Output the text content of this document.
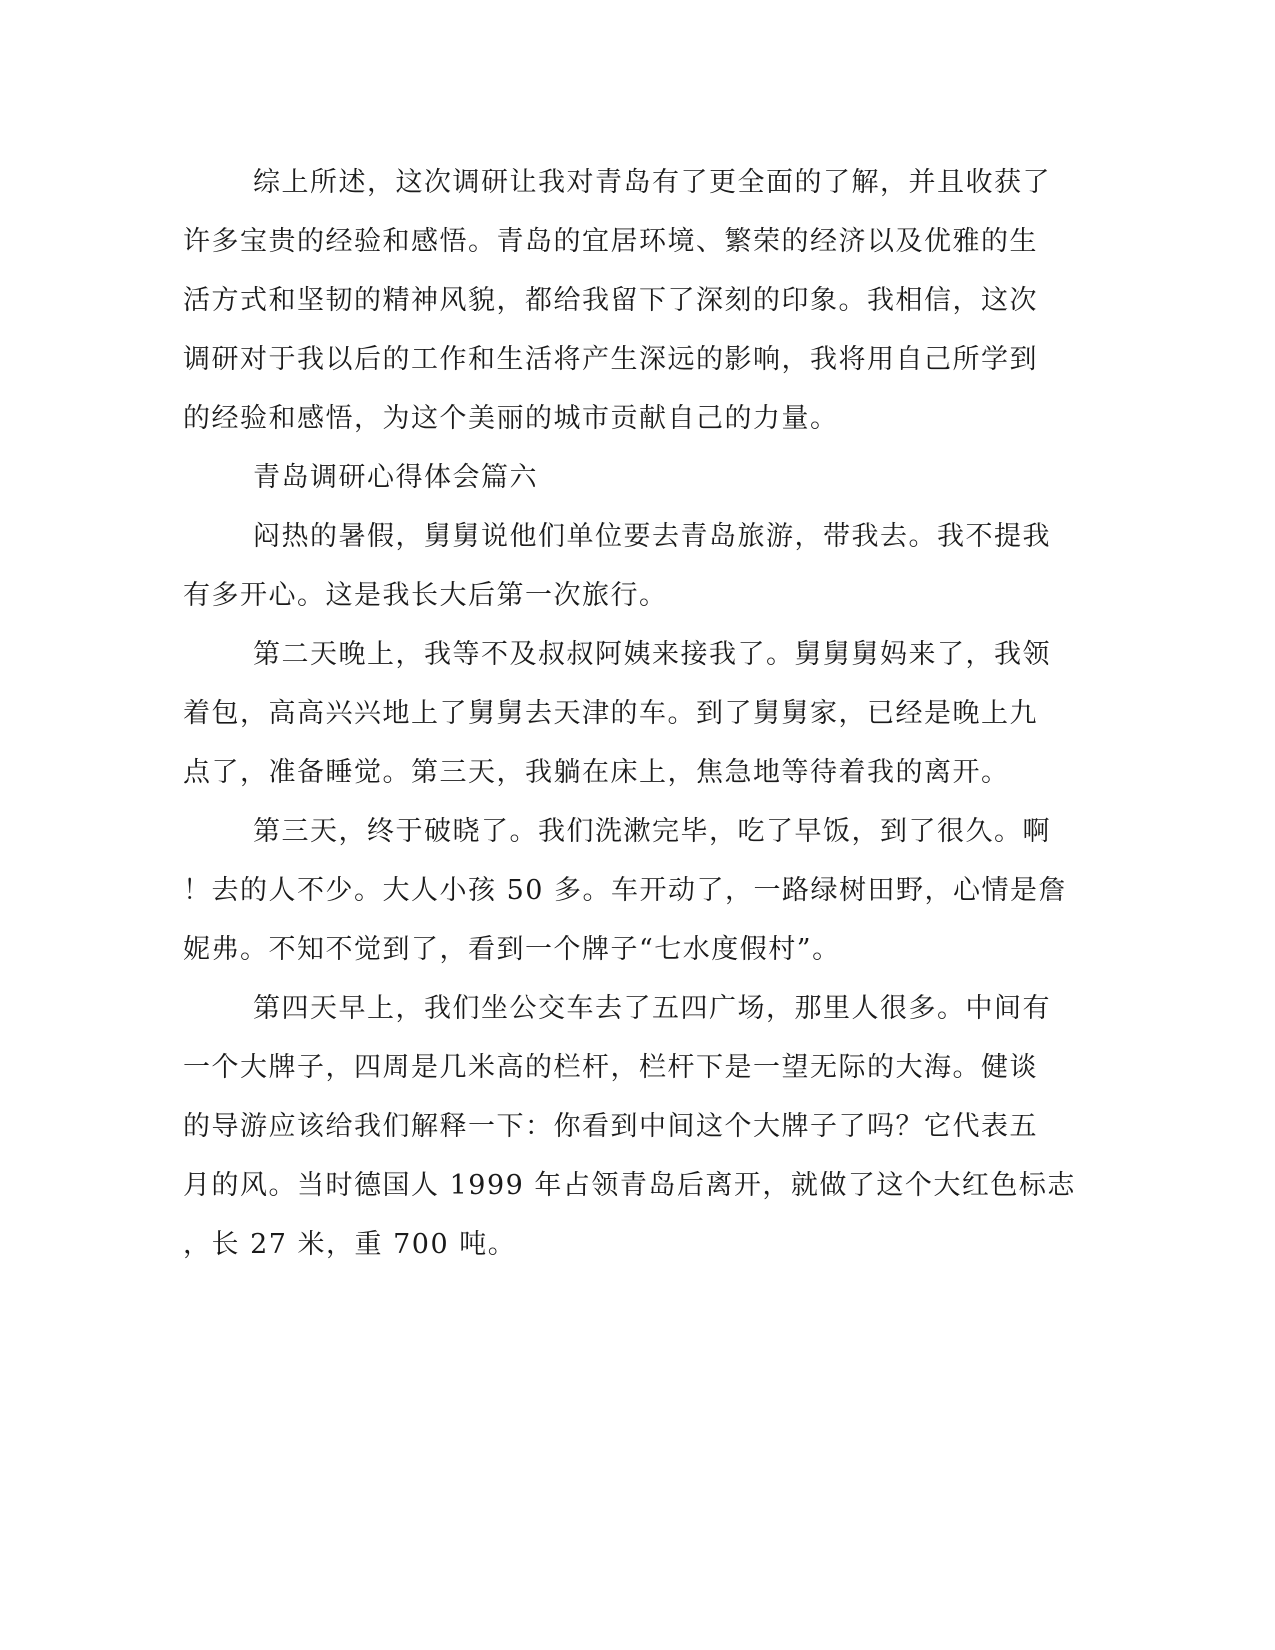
综上所述，这次调研让我对青岛有了更全面的了解，并且收获了

许多宝贵的经验和感悟。青岛的宜居环境、繁荣的经济以及优雅的生

活方式和坚韧的精神风貌，都给我留下了深刻的印象。我相信，这次

调研对于我以后的工作和生活将产生深远的影响，我将用自己所学到

的经验和感悟，为这个美丽的城市贡献自己的力量。

青岛调研心得体会篇六

闷热的暑假，舅舅说他们单位要去青岛旅游，带我去。我不提我

有多开心。这是我长大后第一次旅行。

第二天晚上，我等不及叔叔阿姨来接我了。舅舅舅妈来了，我领

着包，高高兴兴地上了舅舅去天津的车。到了舅舅家，已经是晚上九

点了，准备睡觉。第三天，我躺在床上，焦急地等待着我的离开。

第三天，终于破晓了。我们洗漱完毕，吃了早饭，到了很久。啊

！去的人不少。大人小孩 50 多。车开动了，一路绿树田野，心情是詹

妮弗。不知不觉到了，看到一个牌子“七水度假村”。

第四天早上，我们坐公交车去了五四广场，那里人很多。中间有

一个大牌子，四周是几米高的栏杆，栏杆下是一望无际的大海。健谈

的导游应该给我们解释一下：你看到中间这个大牌子了吗？它代表五

月的风。当时德国人 1999 年占领青岛后离开，就做了这个大红色标志

，长 27 米，重 700 吨。
